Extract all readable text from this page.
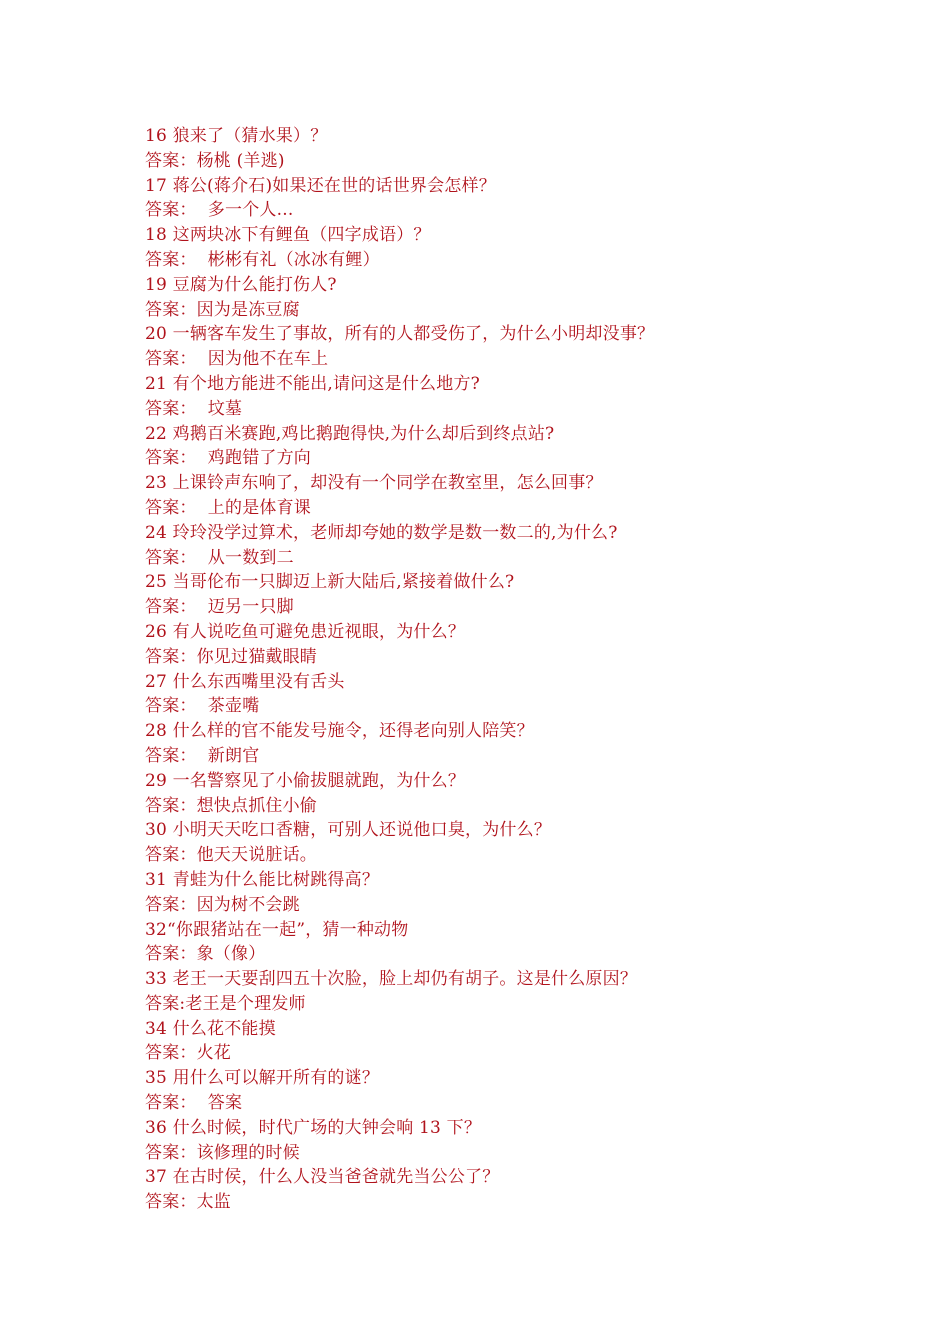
16 狼来了（猜水果）？
答案：杨桃 (羊逃)
17 蒋公(蒋介石)如果还在世的话世界会怎样？
答案：  多一个人...
18 这两块冰下有鲤鱼（四字成语）？
答案：  彬彬有礼（冰冰有鲤）
19 豆腐为什么能打伤人?
答案：因为是冻豆腐
20 一辆客车发生了事故，所有的人都受伤了，为什么小明却没事？
答案：  因为他不在车上
21 有个地方能进不能出,请问这是什么地方?
答案：  坟墓
22 鸡鹅百米赛跑,鸡比鹅跑得快,为什么却后到终点站?
答案：  鸡跑错了方向
23 上课铃声东响了，却没有一个同学在教室里，怎么回事？
答案：  上的是体育课
24 玲玲没学过算术，老师却夸她的数学是数一数二的,为什么?
答案：  从一数到二
25 当哥伦布一只脚迈上新大陆后,紧接着做什么?
答案：  迈另一只脚
26 有人说吃鱼可避免患近视眼，为什么？
答案：你见过猫戴眼睛
27 什么东西嘴里没有舌头
答案：  茶壶嘴
28 什么样的官不能发号施令，还得老向别人陪笑？
答案：  新朗官
29 一名警察见了小偷拔腿就跑，为什么？
答案：想快点抓住小偷
30 小明天天吃口香糖，可别人还说他口臭，为什么？
答案：他天天说脏话。
31 青蛙为什么能比树跳得高？
答案：因为树不会跳
32“你跟猪站在一起”，猜一种动物
答案：象（像）
33 老王一天要刮四五十次脸，脸上却仍有胡子。这是什么原因？
答案:老王是个理发师
34 什么花不能摸
答案：火花
35 用什么可以解开所有的谜？
答案：  答案
36 什么时候，时代广场的大钟会响 13 下？
答案：该修理的时候
37 在古时侯，什么人没当爸爸就先当公公了？
答案：太监
